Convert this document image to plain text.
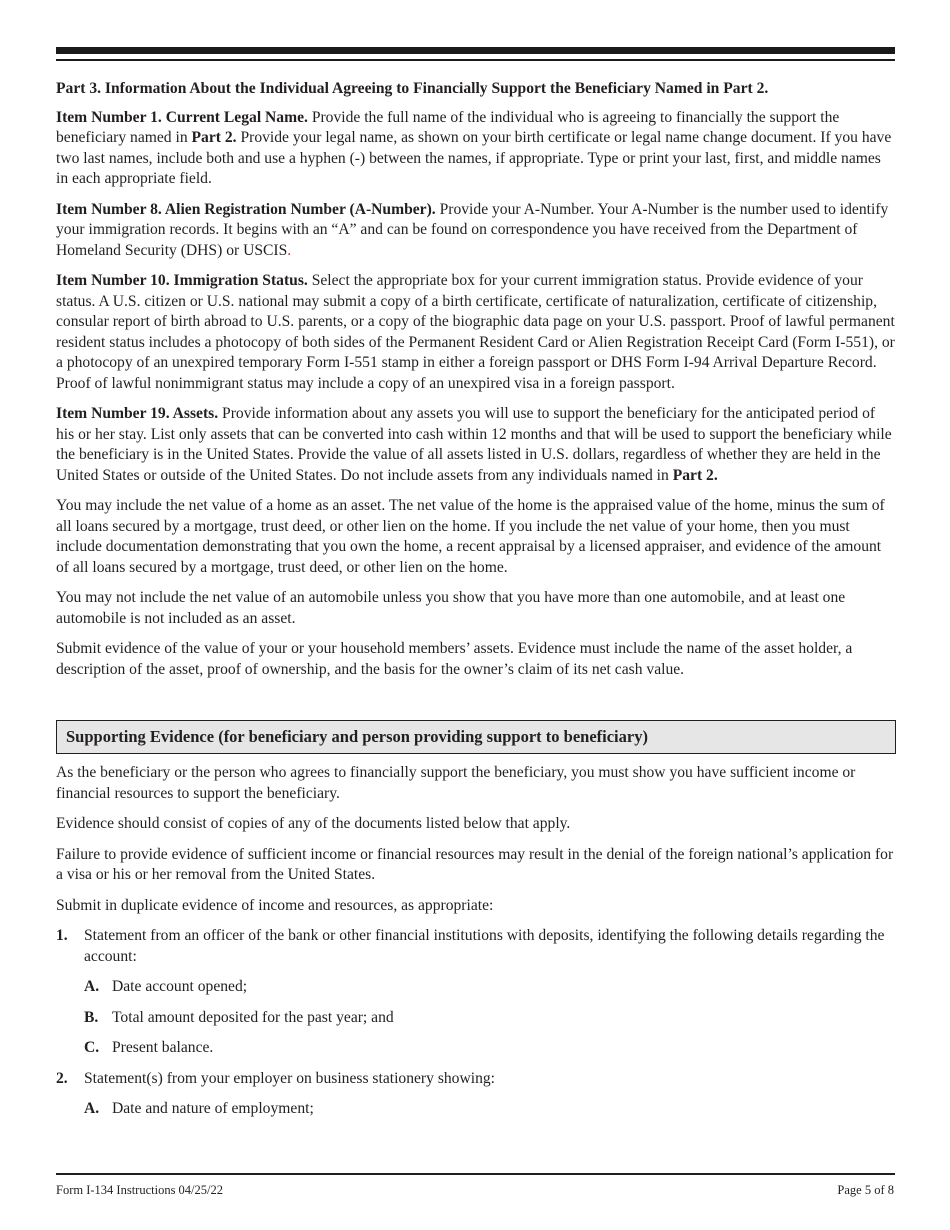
Part 3. Information About the Individual Agreeing to Financially Support the Beneficiary Named in Part 2.

Item Number 1. Current Legal Name. Provide the full name of the individual who is agreeing to financially the support the beneficiary named in Part 2. Provide your legal name, as shown on your birth certificate or legal name change document. If you have two last names, include both and use a hyphen (-) between the names, if appropriate. Type or print your last, first, and middle names in each appropriate field.

Item Number 8. Alien Registration Number (A-Number). Provide your A-Number. Your A-Number is the number used to identify your immigration records. It begins with an “A” and can be found on correspondence you have received from the Department of Homeland Security (DHS) or USCIS.

Item Number 10. Immigration Status. Select the appropriate box for your current immigration status. Provide evidence of your status. A U.S. citizen or U.S. national may submit a copy of a birth certificate, certificate of naturalization, certificate of citizenship, consular report of birth abroad to U.S. parents, or a copy of the biographic data page on your U.S. passport. Proof of lawful permanent resident status includes a photocopy of both sides of the Permanent Resident Card or Alien Registration Receipt Card (Form I-551), or a photocopy of an unexpired temporary Form I-551 stamp in either a foreign passport or DHS Form I-94 Arrival Departure Record. Proof of lawful nonimmigrant status may include a copy of an unexpired visa in a foreign passport.

Item Number 19. Assets. Provide information about any assets you will use to support the beneficiary for the anticipated period of his or her stay. List only assets that can be converted into cash within 12 months and that will be used to support the beneficiary while the beneficiary is in the United States. Provide the value of all assets listed in U.S. dollars, regardless of whether they are held in the United States or outside of the United States. Do not include assets from any individuals named in Part 2.

You may include the net value of a home as an asset. The net value of the home is the appraised value of the home, minus the sum of all loans secured by a mortgage, trust deed, or other lien on the home. If you include the net value of your home, then you must include documentation demonstrating that you own the home, a recent appraisal by a licensed appraiser, and evidence of the amount of all loans secured by a mortgage, trust deed, or other lien on the home.

You may not include the net value of an automobile unless you show that you have more than one automobile, and at least one automobile is not included as an asset.

Submit evidence of the value of your or your household members’ assets. Evidence must include the name of the asset holder, a description of the asset, proof of ownership, and the basis for the owner’s claim of its net cash value.

Supporting Evidence (for beneficiary and person providing support to beneficiary)

As the beneficiary or the person who agrees to financially support the beneficiary, you must show you have sufficient income or financial resources to support the beneficiary.

Evidence should consist of copies of any of the documents listed below that apply.

Failure to provide evidence of sufficient income or financial resources may result in the denial of the foreign national’s application for a visa or his or her removal from the United States.

Submit in duplicate evidence of income and resources, as appropriate:

1.	Statement from an officer of the bank or other financial institutions with deposits, identifying the following details regarding the account:
A. Date account opened;
B. Total amount deposited for the past year; and
C. Present balance.
2.	Statement(s) from your employer on business stationery showing:
A. Date and nature of employment;
Form I-134 Instructions 04/25/22	Page 5 of 8
